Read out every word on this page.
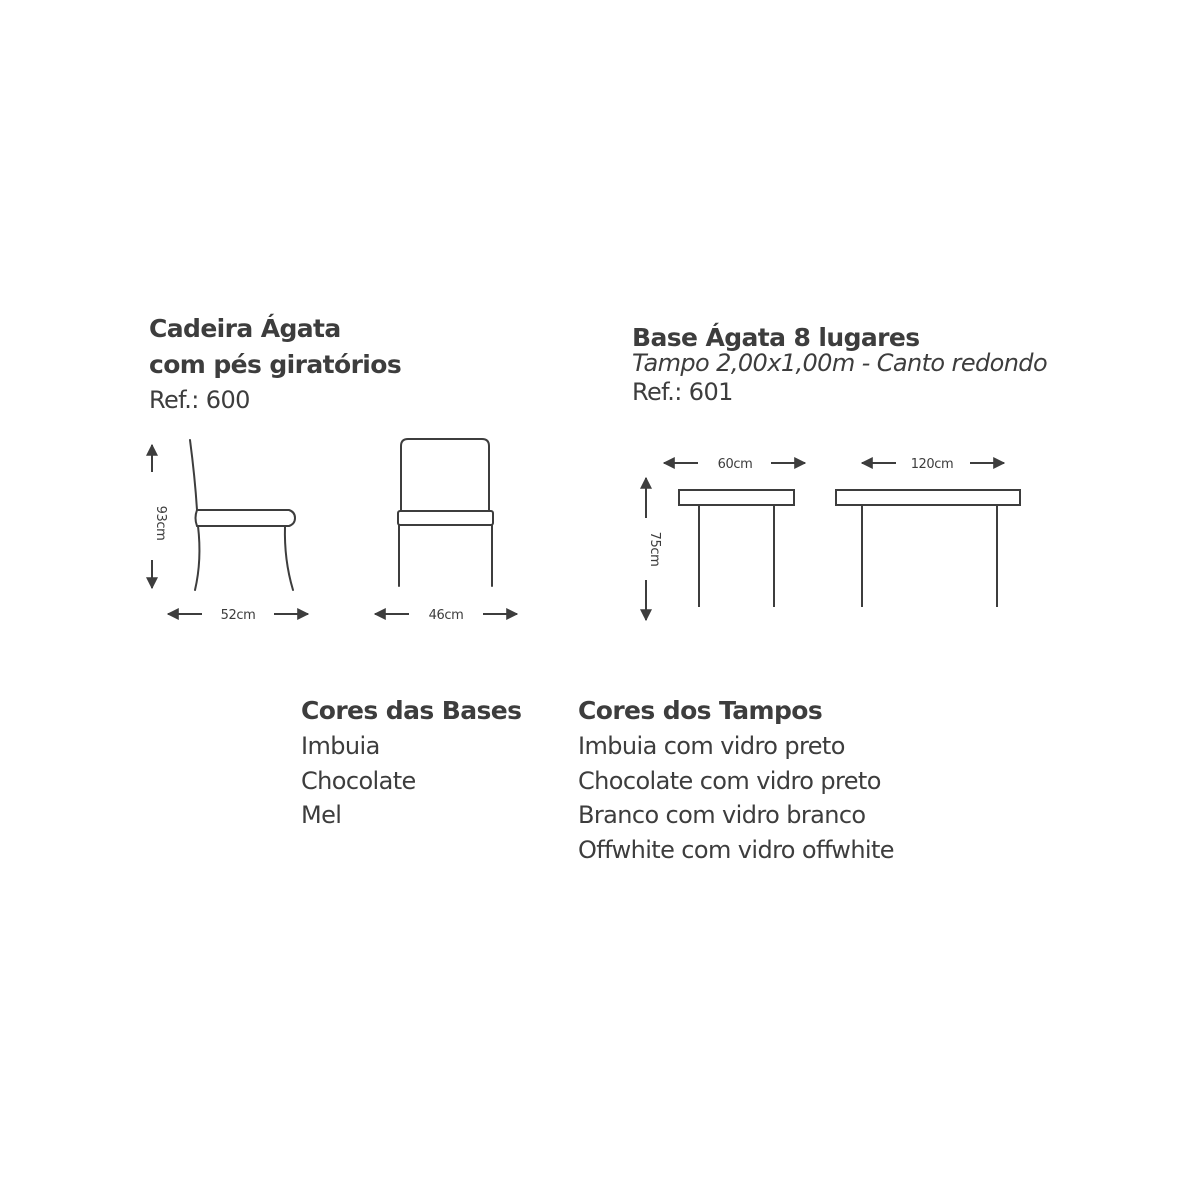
Cadeira Ágata
com pés giratórios
Ref.: 600
Base Ágata 8 lugares
Tampo 2,00x1,00m - Canto redondo
Ref.: 601
93cm
52cm	46cm
75cm
60cm	120cm
Cores das Bases
Imbuia
Chocolate
Mel
Cores dos Tampos
Imbuia com vidro preto
Chocolate com vidro preto
Branco com vidro branco
Offwhite com vidro offwhite
